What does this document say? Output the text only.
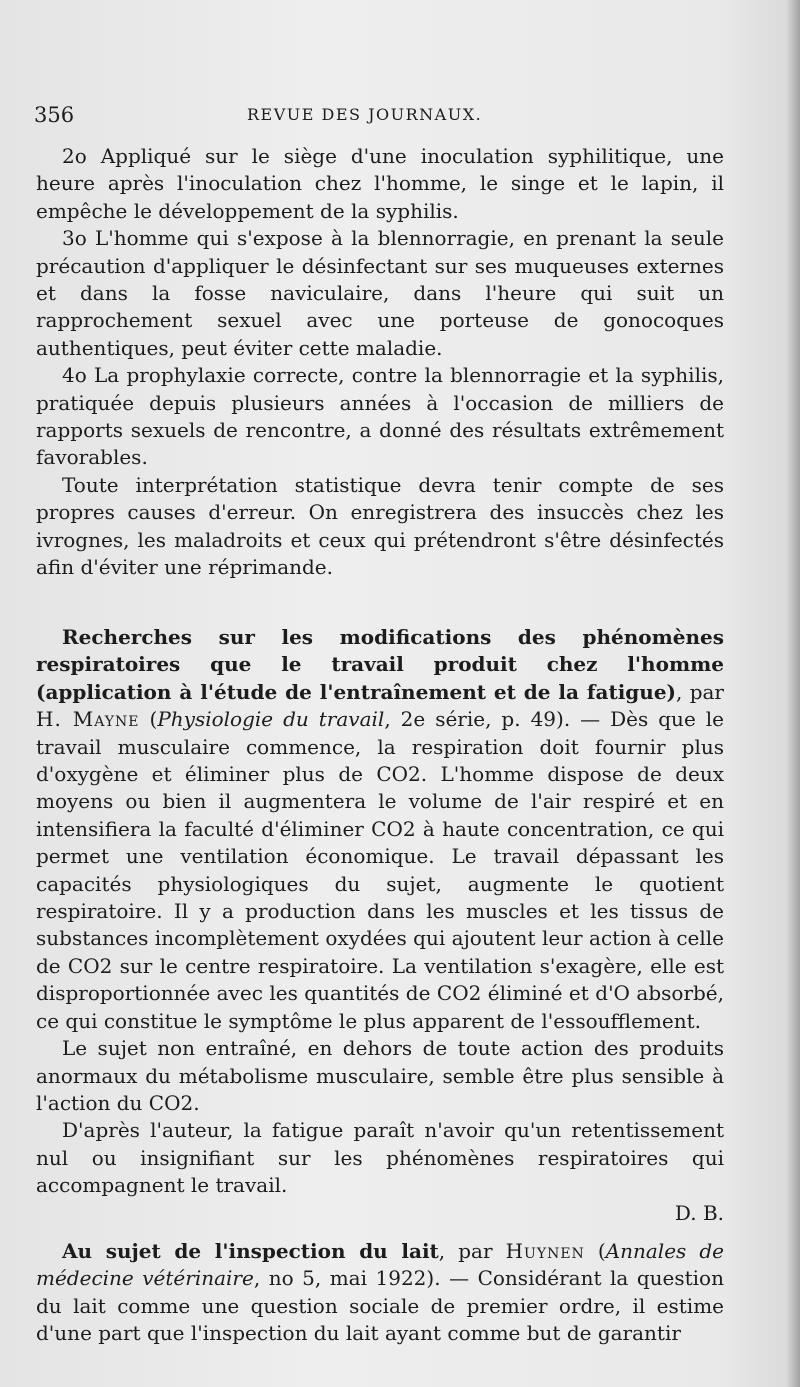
356	REVUE DES JOURNAUX.

2o Appliqué sur le siège d'une inoculation syphilitique, une heure après l'inoculation chez l'homme, le singe et le lapin, il empêche le développement de la syphilis.

3o L'homme qui s'expose à la blennorragie, en prenant la seule précaution d'appliquer le désinfectant sur ses muqueuses externes et dans la fosse naviculaire, dans l'heure qui suit un rapprochement sexuel avec une porteuse de gonocoques authentiques, peut éviter cette maladie.

4o La prophylaxie correcte, contre la blennorragie et la syphilis, pratiquée depuis plusieurs années à l'occasion de milliers de rapports sexuels de rencontre, a donné des résultats extrêmement favorables.

Toute interprétation statistique devra tenir compte de ses propres causes d'erreur. On enregistrera des insuccès chez les ivrognes, les maladroits et ceux qui prétendront s'être désinfectés afin d'éviter une réprimande.

Recherches sur les modifications des phénomènes respiratoires que le travail produit chez l'homme (application à l'étude de l'entraînement et de la fatigue), par H. Mayne (Physiologie du travail, 2e série, p. 49). — Dès que le travail musculaire commence, la respiration doit fournir plus d'oxygène et éliminer plus de CO2. L'homme dispose de deux moyens ou bien il augmentera le volume de l'air respiré et en intensifiera la faculté d'éliminer CO2 à haute concentration, ce qui permet une ventilation économique. Le travail dépassant les capacités physiologiques du sujet, augmente le quotient respiratoire. Il y a production dans les muscles et les tissus de substances incomplètement oxydées qui ajoutent leur action à celle de CO2 sur le centre respiratoire. La ventilation s'exagère, elle est disproportionnée avec les quantités de CO2 éliminé et d'O absorbé, ce qui constitue le symptôme le plus apparent de l'essoufflement.

Le sujet non entraîné, en dehors de toute action des produits anormaux du métabolisme musculaire, semble être plus sensible à l'action du CO2.

D'après l'auteur, la fatigue paraît n'avoir qu'un retentissement nul ou insignifiant sur les phénomènes respiratoires qui accompagnent le travail.

D. B.

Au sujet de l'inspection du lait, par Huynen (Annales de médecine vétérinaire, no 5, mai 1922). — Considérant la question du lait comme une question sociale de premier ordre, il estime d'une part que l'inspection du lait ayant comme but de garantir
